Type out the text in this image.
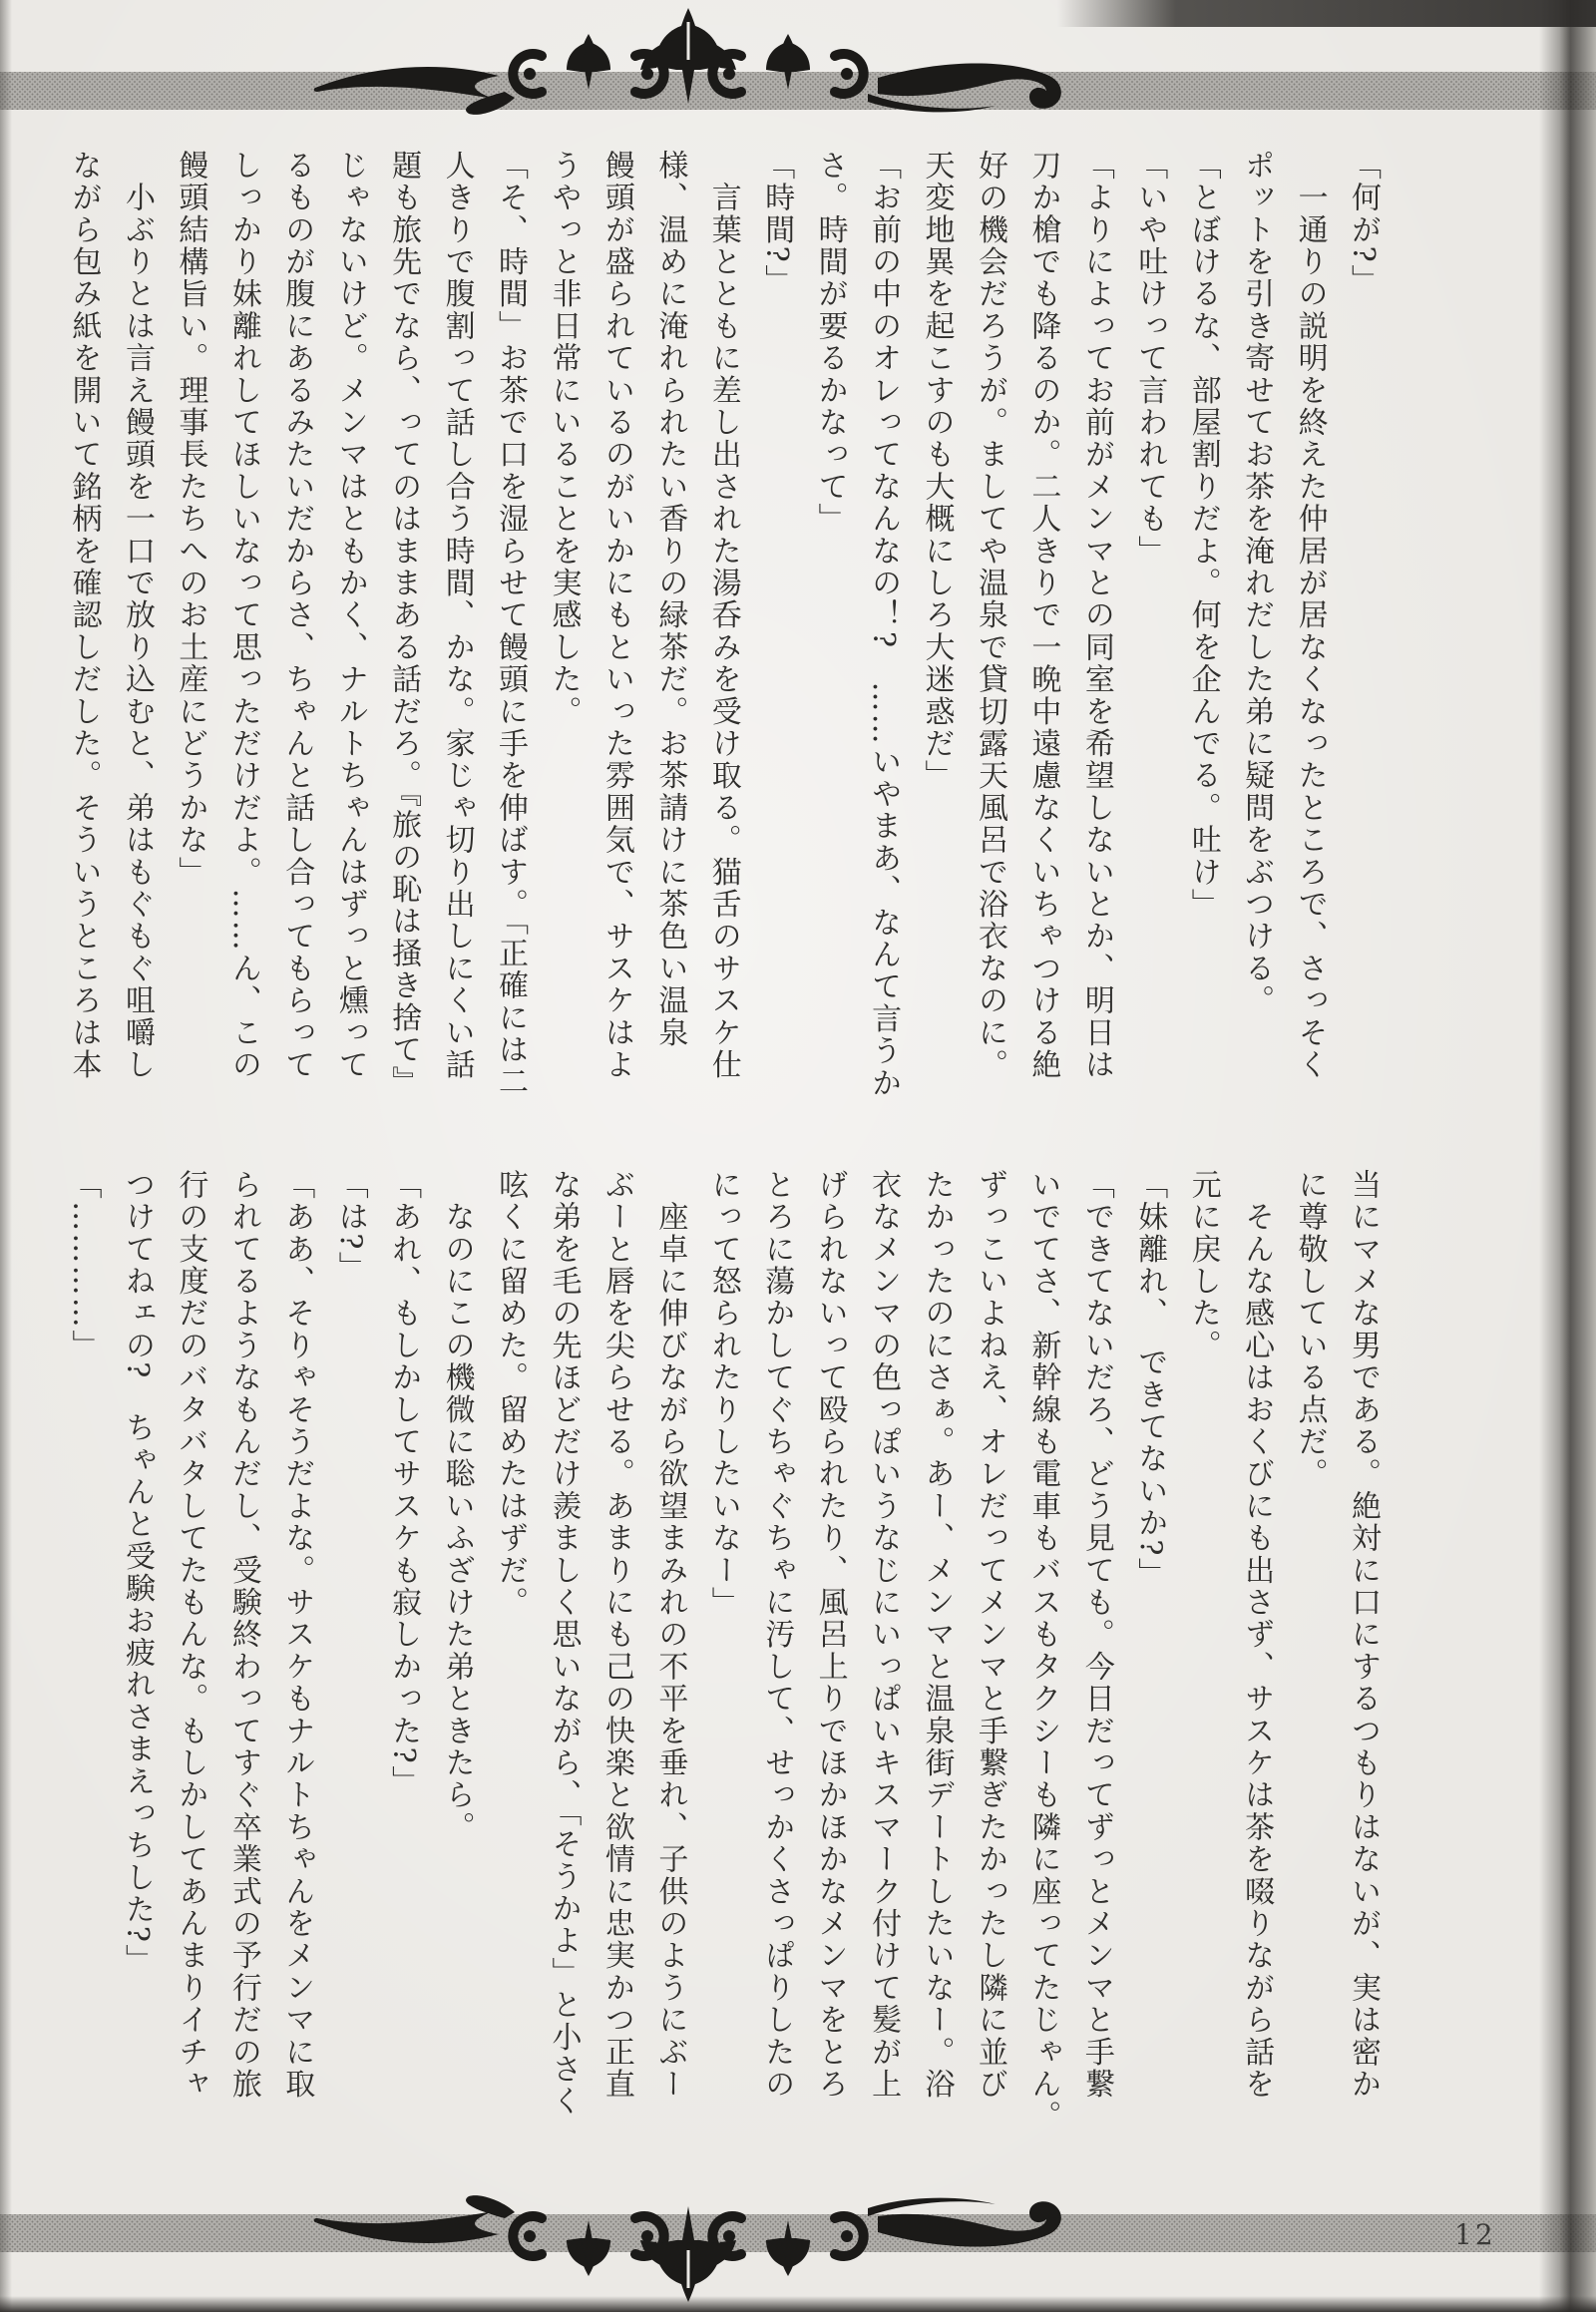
「何が?」
　一通りの説明を終えた仲居が居なくなったところで、さっそく
ポットを引き寄せてお茶を淹れだした弟に疑問をぶつける。
「とぼけるな、部屋割りだよ。何を企んでる。吐け」
「いや吐けって言われても」
「よりによってお前がメンマとの同室を希望しないとか、明日は
刀か槍でも降るのか。二人きりで一晩中遠慮なくいちゃつける絶
好の機会だろうが。ましてや温泉で貸切露天風呂で浴衣なのに。
天変地異を起こすのも大概にしろ大迷惑だ」
「お前の中のオレってなんなの！?　……いやまあ、なんて言うか
さ。時間が要るかなって」
「時間?」
　言葉とともに差し出された湯呑みを受け取る。猫舌のサスケ仕
様、温めに淹れられたい香りの緑茶だ。お茶請けに茶色い温泉
饅頭が盛られているのがいかにもといった雰囲気で、サスケはよ
うやっと非日常にいることを実感した。
「そ、時間」お茶で口を湿らせて饅頭に手を伸ばす。「正確には二
人きりで腹割って話し合う時間、かな。家じゃ切り出しにくい話
題も旅先でなら、ってのはままある話だろ。『旅の恥は掻き捨て』
じゃないけど。メンマはともかく、ナルトちゃんはずっと燻って
るものが腹にあるみたいだからさ、ちゃんと話し合ってもらって
しっかり妹離れしてほしいなって思っただけだよ。……ん、この
饅頭結構旨い。理事長たちへのお土産にどうかな」
　小ぶりとは言え饅頭を一口で放り込むと、弟はもぐもぐ咀嚼し
ながら包み紙を開いて銘柄を確認しだした。そういうところは本
当にマメな男である。絶対に口にするつもりはないが、実は密か
に尊敬している点だ。
　そんな感心はおくびにも出さず、サスケは茶を啜りながら話を
元に戻した。
「妹離れ、　できてないか?」
「できてないだろ、どう見ても。今日だってずっとメンマと手繋
いでてさ、新幹線も電車もバスもタクシーも隣に座ってたじゃん。
ずっこいよねえ、オレだってメンマと手繋ぎたかったし隣に並び
たかったのにさぁ。あー、メンマと温泉街デートしたいなー。浴
衣なメンマの色っぽいうなじにいっぱいキスマーク付けて髪が上
げられないって殴られたり、風呂上りでほかほかなメンマをとろ
とろに蕩かしてぐちゃぐちゃに汚して、せっかくさっぱりしたの
にって怒られたりしたいなー」
　座卓に伸びながら欲望まみれの不平を垂れ、子供のようにぶー
ぶーと唇を尖らせる。あまりにも己の快楽と欲情に忠実かつ正直
な弟を毛の先ほどだけ羨ましく思いながら、「そうかよ」と小さく
呟くに留めた。留めたはずだ。
　なのにこの機微に聡いふざけた弟ときたら。
「あれ、もしかしてサスケも寂しかった?」
「は?」
「ああ、そりゃそうだよな。サスケもナルトちゃんをメンマに取
られてるようなもんだし、受験終わってすぐ卒業式の予行だの旅
行の支度だのバタバタしてたもんな。もしかしてあんまりイチャ
つけてねェの?　ちゃんと受験お疲れさまえっちした?」
「…………」
12
